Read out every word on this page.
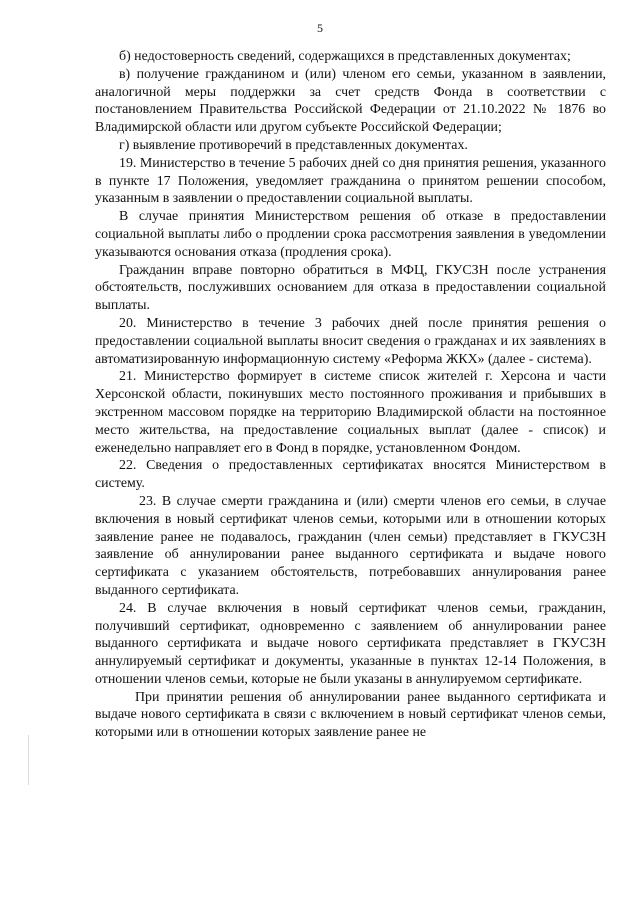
5

б) недостоверность сведений, содержащихся в представленных документах;

в) получение гражданином и (или) членом его семьи, указанном в заявлении, аналогичной меры поддержки за счет средств Фонда в соответствии с постановлением Правительства Российской Федерации от 21.10.2022 № 1876 во Владимирской области или другом субъекте Российской Федерации;

г) выявление противоречий в представленных документах.

19. Министерство в течение 5 рабочих дней со дня принятия решения, указанного в пункте 17 Положения, уведомляет гражданина о принятом решении способом, указанным в заявлении о предоставлении социальной выплаты.

В случае принятия Министерством решения об отказе в предоставлении социальной выплаты либо о продлении срока рассмотрения заявления в уведомлении указываются основания отказа (продления срока).

Гражданин вправе повторно обратиться в МФЦ, ГКУСЗН после устранения обстоятельств, послуживших основанием для отказа в предоставлении социальной выплаты.

20. Министерство в течение 3 рабочих дней после принятия решения о предоставлении социальной выплаты вносит сведения о гражданах и их заявлениях в автоматизированную информационную систему «Реформа ЖКХ» (далее - система).

21. Министерство формирует в системе список жителей г. Херсона и части Херсонской области, покинувших место постоянного проживания и прибывших в экстренном массовом порядке на территорию Владимирской области на постоянное место жительства, на предоставление социальных выплат (далее - список) и еженедельно направляет его в Фонд в порядке, установленном Фондом.

22. Сведения о предоставленных сертификатах вносятся Министерством в систему.

23. В случае смерти гражданина и (или) смерти членов его семьи, в случае включения в новый сертификат членов семьи, которыми или в отношении которых заявление ранее не подавалось, гражданин (член семьи) представляет в ГКУСЗН заявление об аннулировании ранее выданного сертификата и выдаче нового сертификата с указанием обстоятельств, потребовавших аннулирования ранее выданного сертификата.

24. В случае включения в новый сертификат членов семьи, гражданин, получивший сертификат, одновременно с заявлением об аннулировании ранее выданного сертификата и выдаче нового сертификата представляет в ГКУСЗН аннулируемый сертификат и документы, указанные в пунктах 12-14 Положения, в отношении членов семьи, которые не были указаны в аннулируемом сертификате.

При принятии решения об аннулировании ранее выданного сертификата и выдаче нового сертификата в связи с включением в новый сертификат членов семьи, которыми или в отношении которых заявление ранее не
